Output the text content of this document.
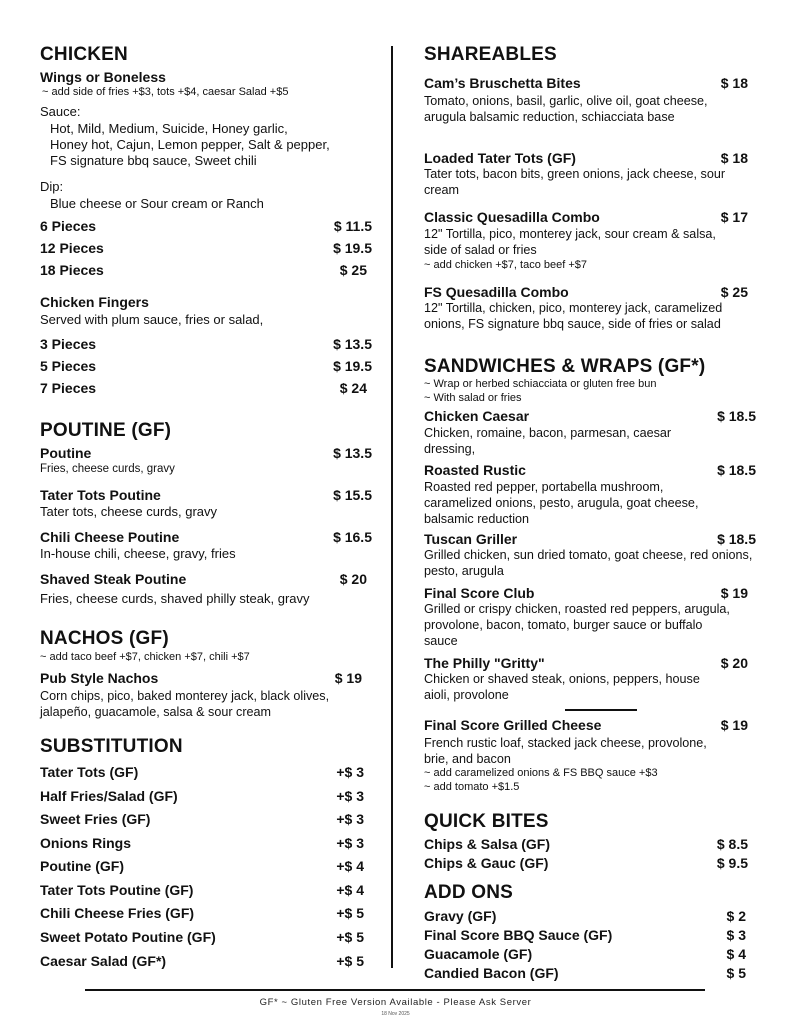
CHICKEN
Wings or Boneless
~ add side of fries +$3, tots +$4, caesar Salad +$5
Sauce:
Hot, Mild, Medium, Suicide, Honey garlic,
Honey hot, Cajun, Lemon pepper, Salt & pepper,
FS signature bbq sauce, Sweet chili
Dip:
Blue cheese or Sour cream or Ranch
6 Pieces	$ 11.5
12 Pieces	$ 19.5
18 Pieces	$ 25
Chicken Fingers
Served with plum sauce, fries or salad,
3 Pieces	$ 13.5
5 Pieces	$ 19.5
7 Pieces	$ 24
POUTINE (GF)
Poutine	$ 13.5
Fries, cheese curds, gravy
Tater Tots Poutine	$ 15.5
Tater tots, cheese curds, gravy
Chili Cheese Poutine	$ 16.5
In-house chili, cheese, gravy, fries
Shaved Steak Poutine	$ 20
Fries, cheese curds, shaved philly steak, gravy
NACHOS (GF)
~ add taco beef +$7, chicken +$7, chili +$7
Pub Style Nachos	$ 19
Corn chips, pico, baked monterey jack, black olives, jalapeño, guacamole, salsa & sour cream
SUBSTITUTION
Tater Tots (GF)	+$ 3
Half Fries/Salad (GF)	+$ 3
Sweet Fries (GF)	+$ 3
Onions Rings	+$ 3
Poutine (GF)	+$ 4
Tater Tots Poutine (GF)	+$ 4
Chili Cheese Fries (GF)	+$ 5
Sweet Potato Poutine (GF)	+$ 5
Caesar Salad (GF*)	+$ 5
SHAREABLES
Cam’s Bruschetta Bites	$ 18
Tomato, onions, basil, garlic, olive oil, goat cheese, arugula balsamic reduction, schiacciata base
Loaded Tater Tots (GF)	$ 18
Tater tots, bacon bits, green onions, jack cheese, sour cream
Classic Quesadilla Combo	$ 17
12" Tortilla, pico, monterey jack, sour cream & salsa, side of salad or fries
~ add chicken +$7, taco beef +$7
FS Quesadilla Combo	$ 25
12" Tortilla, chicken, pico, monterey jack, caramelized onions, FS signature bbq sauce, side of fries or salad
SANDWICHES & WRAPS (GF*)
~ Wrap or herbed schiacciata or gluten free bun
~ With salad or fries
Chicken Caesar	$ 18.5
Chicken, romaine, bacon, parmesan, caesar dressing,
Roasted Rustic	$ 18.5
Roasted red pepper, portabella mushroom, caramelized onions, pesto, arugula, goat cheese, balsamic reduction
Tuscan Griller	$ 18.5
Grilled chicken, sun dried tomato, goat cheese, red onions, pesto, arugula
Final Score Club	$ 19
Grilled or crispy chicken, roasted red peppers, arugula, provolone, bacon, tomato, burger sauce or buffalo sauce
The Philly "Gritty"	$ 20
Chicken or shaved steak, onions, peppers, house aioli, provolone
Final Score Grilled Cheese	$ 19
French rustic loaf, stacked jack cheese, provolone, brie, and bacon
~ add caramelized onions & FS BBQ sauce +$3
~ add tomato +$1.5
QUICK BITES
Chips & Salsa (GF)	$ 8.5
Chips & Gauc (GF)	$ 9.5
ADD ONS
Gravy (GF)	$ 2
Final Score BBQ Sauce (GF)	$ 3
Guacamole (GF)	$ 4
Candied Bacon (GF)	$ 5
GF* ~ Gluten Free Version Available - Please Ask Server
18 Nov 2025
